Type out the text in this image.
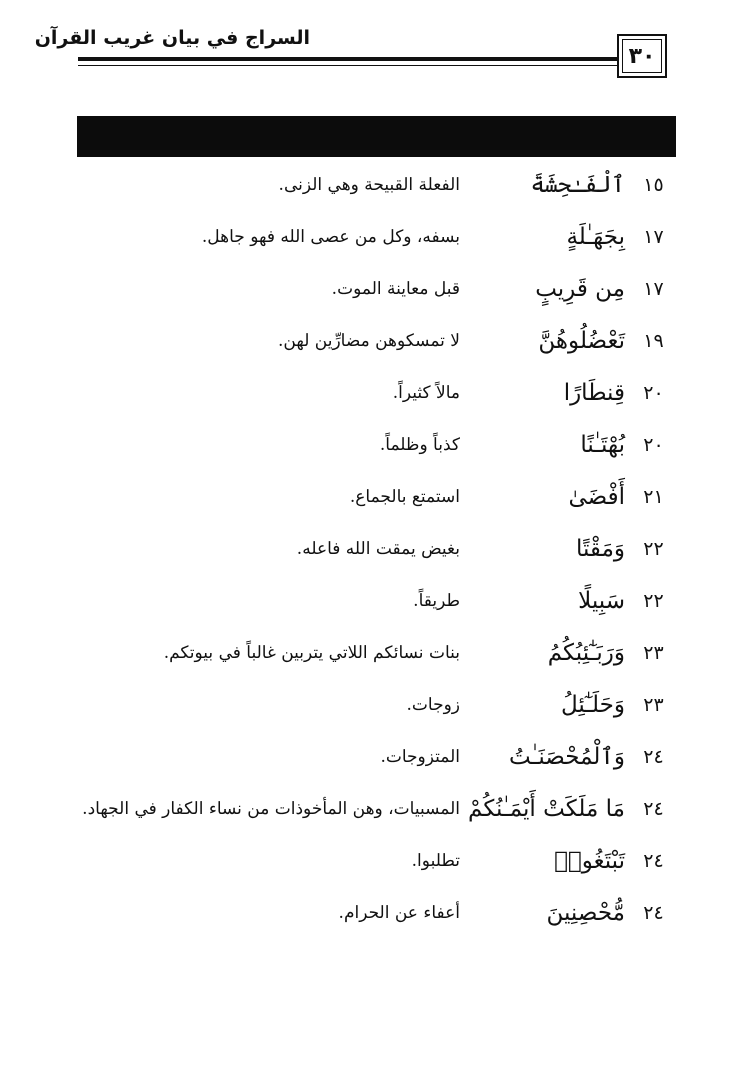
السراج في بيان غريب القرآن
٣٠
١٥
ٱلْفَـٰحِشَةَ
الفعلة القبيحة وهي الزنى.
١٧
بِجَهَـٰلَةٍ
بسفه، وكل من عصى الله فهو جاهل.
١٧
مِن قَرِيبٍ
قبل معاينة الموت.
١٩
تَعْضُلُوهُنَّ
لا تمسكوهن مضارِّين لهن.
٢٠
قِنطَارًا
مالاً كثيراً.
٢٠
بُهْتَـٰنًا
كذباً وظلماً.
٢١
أَفْضَىٰ
استمتع بالجماع.
٢٢
وَمَقْتًا
بغيض يمقت الله فاعله.
٢٢
سَبِيلًا
طريقاً.
٢٣
وَرَبَـٰٓئِبُكُمُ
بنات نسائكم اللاتي يتربين غالباً في بيوتكم.
٢٣
وَحَلَـٰٓئِلُ
زوجات.
٢٤
وَٱلْمُحْصَنَـٰتُ
المتزوجات.
٢٤
مَا مَلَكَتْ أَيْمَـٰنُكُمْ
المسبيات، وهن المأخوذات من نساء الكفار في الجهاد.
٢٤
تَبْتَغُوا۟
تطلبوا.
٢٤
مُّحْصِنِينَ
أعفاء عن الحرام.
